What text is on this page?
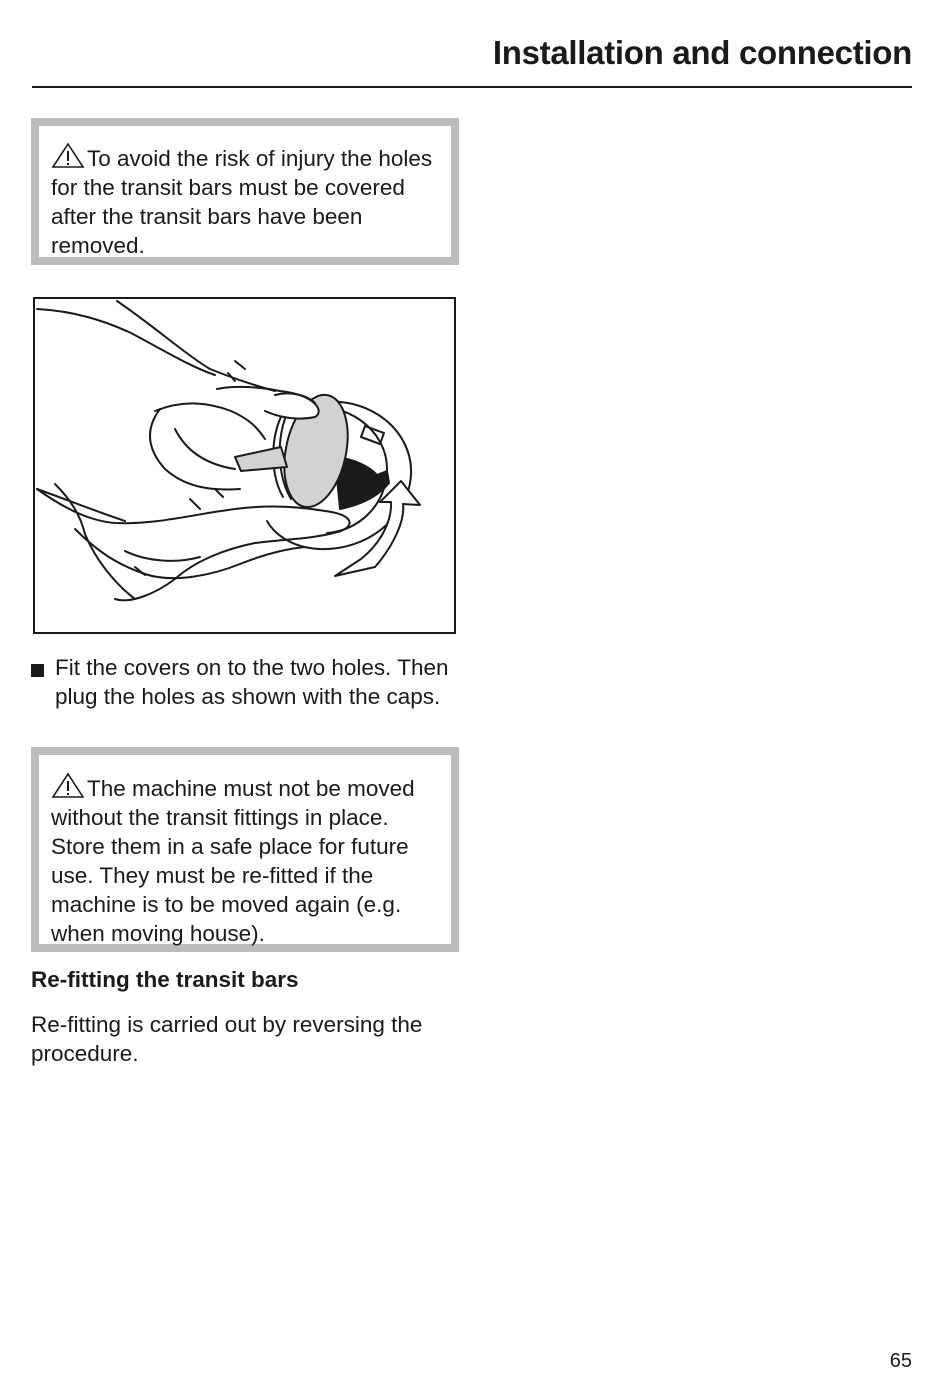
Installation and connection

To avoid the risk of injury the holes for the transit bars must be covered after the transit bars have been removed.

Fit the covers on to the two holes. Then plug the holes as shown with the caps.

The machine must not be moved without the transit fittings in place. Store them in a safe place for future use. They must be re-fitted if the machine is to be moved again (e.g. when moving house).

Re-fitting the transit bars

Re-fitting is carried out by reversing the procedure.

65
